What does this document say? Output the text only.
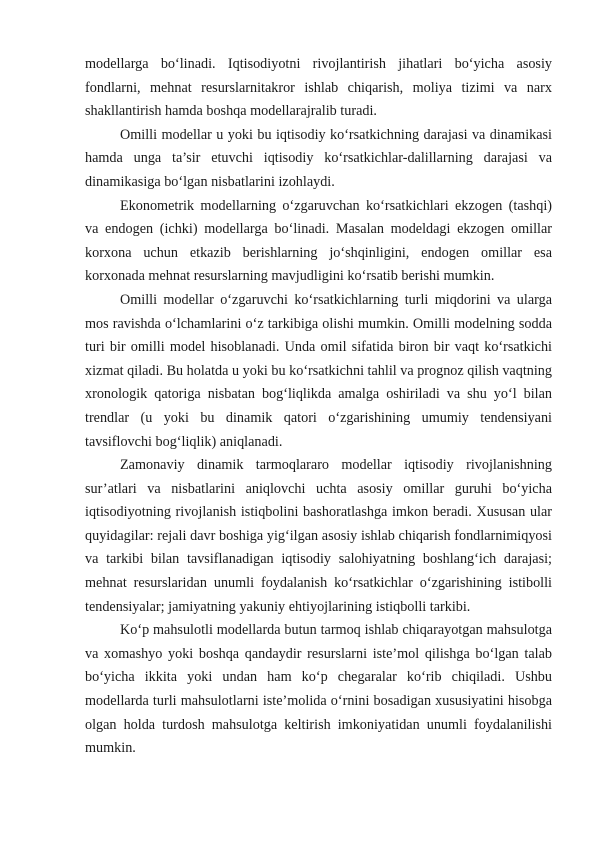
modellarga bo‘linadi. Iqtisodiyotni rivojlantirish jihatlari bo‘yicha asosiy fondlarni, mehnat resurslarnitakror ishlab chiqarish, moliya tizimi va narx shakllantirish hamda boshqa modellarajralib turadi.

Omilli modellar u yoki bu iqtisodiy ko‘rsatkichning darajasi va dinamikasi hamda unga ta’sir etuvchi iqtisodiy ko‘rsatkichlar-dalillarning darajasi va dinamikasiga bo‘lgan nisbatlarini izohlaydi.

Ekonometrik modellarning o‘zgaruvchan ko‘rsatkichlari ekzogen (tashqi) va endogen (ichki) modellarga bo‘linadi. Masalan modeldagi ekzogen omillar korxona uchun etkazib berishlarning jo‘shqinligini, endogen omillar esa korxonada mehnat resurslarning mavjudligini ko‘rsatib berishi mumkin.

Omilli modellar o‘zgaruvchi ko‘rsatkichlarning turli miqdorini va ularga mos ravishda o‘lchamlarini o‘z tarkibiga olishi mumkin. Omilli modelning sodda turi bir omilli model hisoblanadi. Unda omil sifatida biron bir vaqt ko‘rsatkichi xizmat qiladi. Bu holatda u yoki bu ko‘rsatkichni tahlil va prognoz qilish vaqtning xronologik qatoriga nisbatan bog‘liqlikda amalga oshiriladi va shu yo‘l bilan trendlar (u yoki bu dinamik qatori o‘zgarishining umumiy tendensiyani tavsiflovchi bog‘liqlik) aniqlanadi.

Zamonaviy dinamik tarmoqlararo modellar iqtisodiy rivojlanishning sur’atlari va nisbatlarini aniqlovchi uchta asosiy omillar guruhi bo‘yicha iqtisodiyotning rivojlanish istiqbolini bashoratlashga imkon beradi. Xususan ular quyidagilar: rejali davr boshiga yig‘ilgan asosiy ishlab chiqarish fondlarnimiqyosi va tarkibi bilan tavsiflanadigan iqtisodiy salohiyatning boshlang‘ich darajasi; mehnat resurslaridan unumli foydalanish ko‘rsatkichlar o‘zgarishining istibolli tendensiyalar; jamiyatning yakuniy ehtiyojlarining istiqbolli tarkibi.

Ko‘p mahsulotli modellarda butun tarmoq ishlab chiqarayotgan mahsulotga va xomashyo yoki boshqa qandaydir resurslarni iste’mol qilishga bo‘lgan talab bo‘yicha ikkita yoki undan ham ko‘p chegaralar ko‘rib chiqiladi. Ushbu modellarda turli mahsulotlarni iste’molida o‘rnini bosadigan xususiyatini hisobga olgan holda turdosh mahsulotga keltirish imkoniyatidan unumli foydalanilishi mumkin.
